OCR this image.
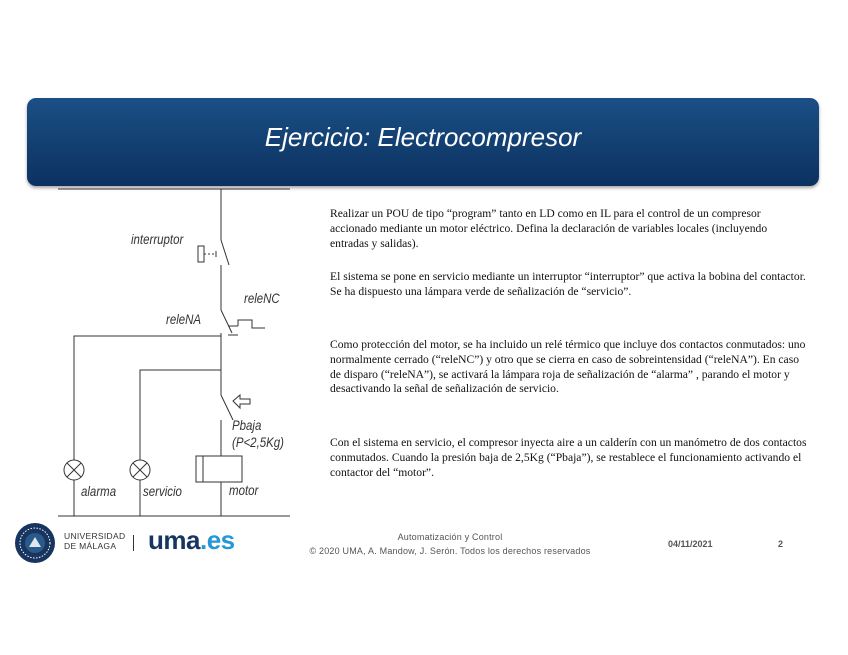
Ejercicio: Electrocompresor
interruptor
releNC
releNA
Pbaja
(P<2,5Kg)
alarma servicio	motor

Realizar un POU de tipo “program” tanto en LD como en IL para el control de un compresor accionado mediante un motor eléctrico. Defina la declaración de variables locales (incluyendo entradas y salidas).

El sistema se pone en servicio mediante un interruptor “interruptor” que activa la bobina del contactor. Se ha dispuesto una lámpara verde de señalización de “servicio”.

Como protección del motor, se ha incluido un relé térmico que incluye dos contactos conmutados: uno normalmente cerrado (“releNC”) y otro que se cierra en caso de sobreintensidad (“releNA”). En caso de disparo (“releNA”), se activará la lámpara roja de señalización de “alarma” , parando el motor y desactivando la señal de señalización de servicio.

Con el sistema en servicio, el compresor inyecta aire a un calderín con un manómetro de dos contactos conmutados. Cuando la presión baja de 2,5Kg (“Pbaja”), se restablece el funcionamiento activando el contactor del “motor”.

UNIVERSIDAD
DE MÁLAGA	uma.es	Automatización y Control
© 2020 UMA, A. Mandow, J. Serón. Todos los derechos reservados
04/11/2021	2
